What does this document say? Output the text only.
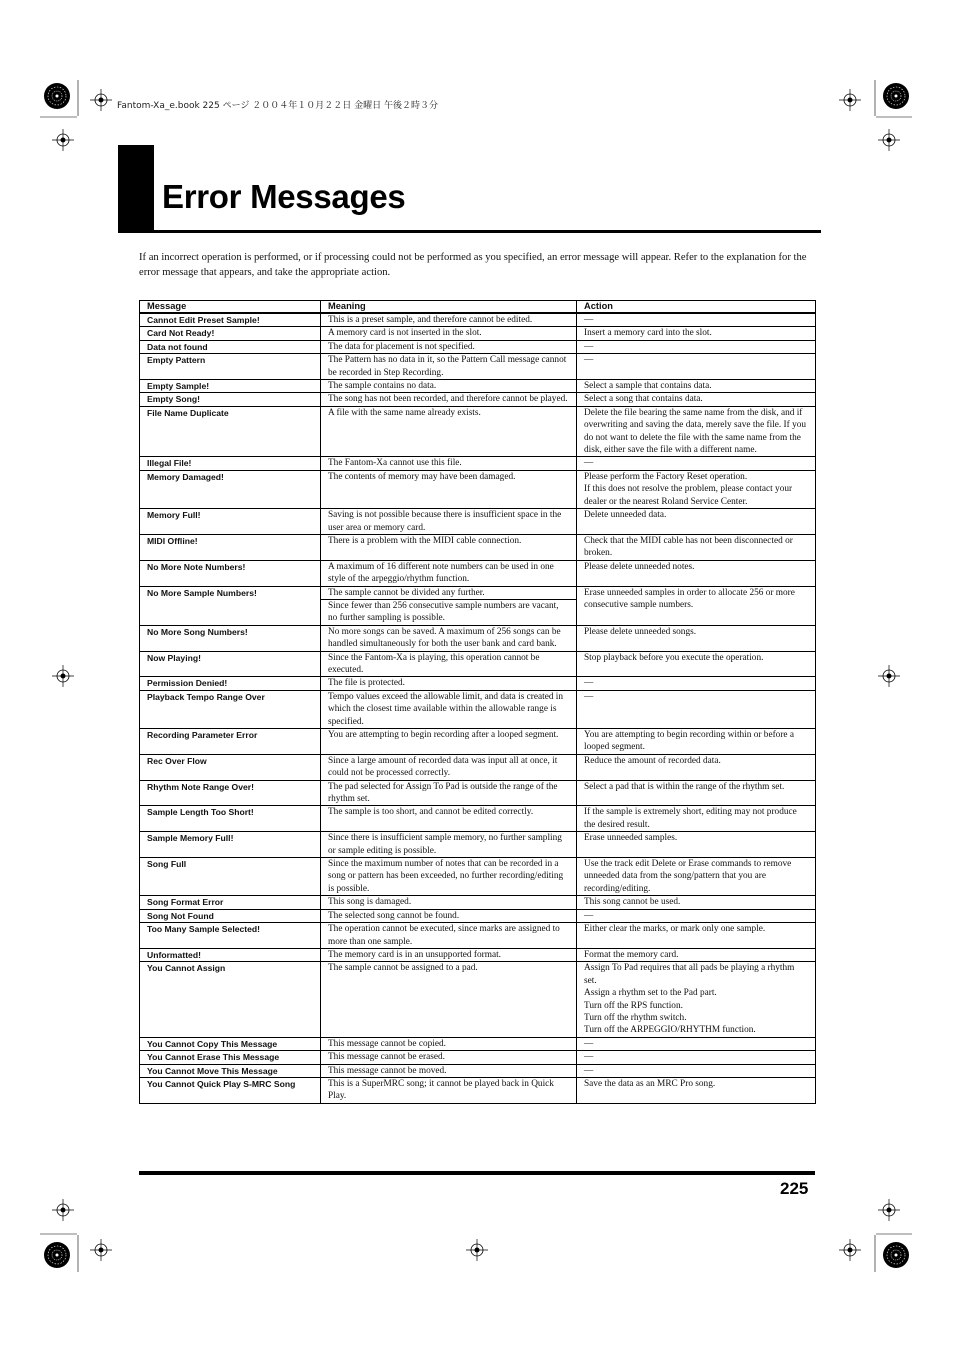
Fantom-Xa_e.book 225 ページ ２００４年１０月２２日 金曜日 午後２時３分
Error Messages
If an incorrect operation is performed, or if processing could not be performed as you specified, an error message will appear. Refer to the explanation for the error message that appears, and take the appropriate action.
Message	Meaning	Action
Cannot Edit Preset Sample!	This is a preset sample, and therefore cannot be edited.	—
Card Not Ready!	A memory card is not inserted in the slot.	Insert a memory card into the slot.
Data not found	The data for placement is not specified.	—
Empty Pattern	The Pattern has no data in it, so the Pattern Call message cannot be recorded in Step Recording.	—
Empty Sample!	The sample contains no data.	Select a sample that contains data.
Empty Song!	The song has not been recorded, and therefore cannot be played.	Select a song that contains data.
File Name Duplicate	A file with the same name already exists.	Delete the file bearing the same name from the disk, and if overwriting and saving the data, merely save the file. If you do not want to delete the file with the same name from the disk, either save the file with a different name.
Illegal File!	The Fantom-Xa cannot use this file.	—
Memory Damaged!	The contents of memory may have been damaged.	Please perform the Factory Reset operation.
If this does not resolve the problem, please contact your dealer or the nearest Roland Service Center.
Memory Full!	Saving is not possible because there is insufficient space in the user area or memory card.	Delete unneeded data.
MIDI Offline!	There is a problem with the MIDI cable connection.	Check that the MIDI cable has not been disconnected or broken.
No More Note Numbers!	A maximum of 16 different note numbers can be used in one style of the arpeggio/rhythm function.	Please delete unneeded notes.
No More Sample Numbers!	The sample cannot be divided any further.
Since fewer than 256 consecutive sample numbers are vacant, no further sampling is possible.	Erase unneeded samples in order to allocate 256 or more consecutive sample numbers.
No More Song Numbers!	No more songs can be saved. A maximum of 256 songs can be handled simultaneously for both the user bank and card bank.	Please delete unneeded songs.
Now Playing!	Since the Fantom-Xa is playing, this operation cannot be executed.	Stop playback before you execute the operation.
Permission Denied!	The file is protected.	—
Playback Tempo Range Over	Tempo values exceed the allowable limit, and data is created in which the closest time available within the allowable range is specified.	—
Recording Parameter Error	You are attempting to begin recording after a looped segment.	You are attempting to begin recording within or before a looped segment.
Rec Over Flow	Since a large amount of recorded data was input all at once, it could not be processed correctly.	Reduce the amount of recorded data.
Rhythm Note Range Over!	The pad selected for Assign To Pad is outside the range of the rhythm set.	Select a pad that is within the range of the rhythm set.
Sample Length Too Short!	The sample is too short, and cannot be edited correctly.	If the sample is extremely short, editing may not produce the desired result.
Sample Memory Full!	Since there is insufficient sample memory, no further sampling or sample editing is possible.	Erase unneeded samples.
Song Full	Since the maximum number of notes that can be recorded in a song or pattern has been exceeded, no further recording/editing is possible.	Use the track edit Delete or Erase commands to remove unneeded data from the song/pattern that you are recording/editing.
Song Format Error	This song is damaged.	This song cannot be used.
Song Not Found	The selected song cannot be found.	—
Too Many Sample Selected!	The operation cannot be executed, since marks are assigned to more than one sample.	Either clear the marks, or mark only one sample.
Unformatted!	The memory card is in an unsupported format.	Format the memory card.
You Cannot Assign	The sample cannot be assigned to a pad.	Assign To Pad requires that all pads be playing a rhythm set.
Assign a rhythm set to the Pad part.
Turn off the RPS function.
Turn off the rhythm switch.
Turn off the ARPEGGIO/RHYTHM function.
You Cannot Copy This Message	This message cannot be copied.	—
You Cannot Erase This Message	This message cannot be erased.	—
You Cannot Move This Message	This message cannot be moved.	—
You Cannot Quick Play S-MRC Song	This is a SuperMRC song; it cannot be played back in Quick Play.	Save the data as an MRC Pro song.
225
